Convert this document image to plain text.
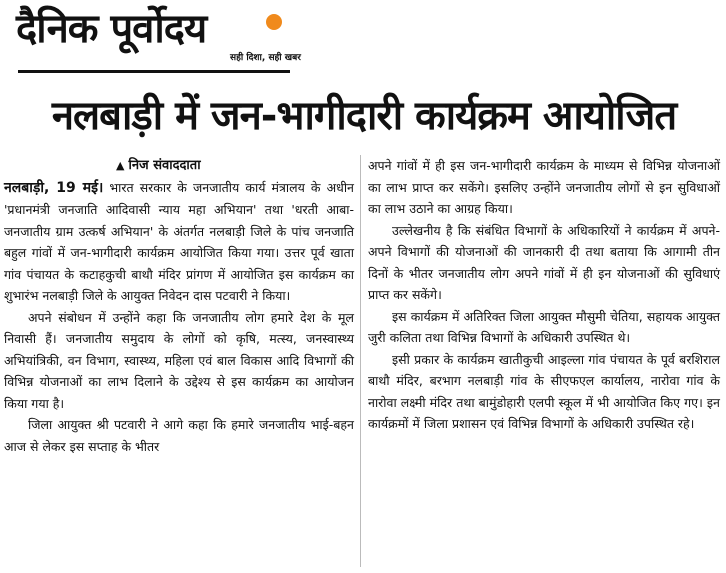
दैनिक पूर्वोदय
सही दिशा, सही खबर
नलबाड़ी में जन-भागीदारी कार्यक्रम आयोजित
▲ निज संवाददाता

नलबाड़ी, 19 मई। भारत सरकार के जनजातीय कार्य मंत्रालय के अधीन 'प्रधानमंत्री जनजाति आदिवासी न्याय महा अभियान' तथा 'धरती आबा-जनजातीय ग्राम उत्कर्ष अभियान' के अंतर्गत नलबाड़ी जिले के पांच जनजाति बहुल गांवों में जन-भागीदारी कार्यक्रम आयोजित किया गया। उत्तर पूर्व खाता गांव पंचायत के कटाहकुची बाथौ मंदिर प्रांगण में आयोजित इस कार्यक्रम का शुभारंभ नलबाड़ी जिले के आयुक्त निवेदन दास पटवारी ने किया।

अपने संबोधन में उन्होंने कहा कि जनजातीय लोग हमारे देश के मूल निवासी हैं। जनजातीय समुदाय के लोगों को कृषि, मत्स्य, जनस्वास्थ्य अभियांत्रिकी, वन विभाग, स्वास्थ्य, महिला एवं बाल विकास आदि विभागों की विभिन्न योजनाओं का लाभ दिलाने के उद्देश्य से इस कार्यक्रम का आयोजन किया गया है।

जिला आयुक्त श्री पटवारी ने आगे कहा कि हमारे जनजातीय भाई-बहन आज से लेकर इस सप्ताह के भीतर

अपने गांवों में ही इस जन-भागीदारी कार्यक्रम के माध्यम से विभिन्न योजनाओं का लाभ प्राप्त कर सकेंगे। इसलिए उन्होंने जनजातीय लोगों से इन सुविधाओं का लाभ उठाने का आग्रह किया।

उल्लेखनीय है कि संबंधित विभागों के अधिकारियों ने कार्यक्रम में अपने-अपने विभागों की योजनाओं की जानकारी दी तथा बताया कि आगामी तीन दिनों के भीतर जनजातीय लोग अपने गांवों में ही इन योजनाओं की सुविधाएं प्राप्त कर सकेंगे।

इस कार्यक्रम में अतिरिक्त जिला आयुक्त मौसुमी चेतिया, सहायक आयुक्त जुरी कलिता तथा विभिन्न विभागों के अधिकारी उपस्थित थे।

इसी प्रकार के कार्यक्रम खातीकुची आइल्ला गांव पंचायत के पूर्व बरशिराल बाथौ मंदिर, बरभाग नलबाड़ी गांव के सीएफएल कार्यालय, नारोवा गांव के नारोवा लक्ष्मी मंदिर तथा बामुंडोहारी एलपी स्कूल में भी आयोजित किए गए। इन कार्यक्रमों में जिला प्रशासन एवं विभिन्न विभागों के अधिकारी उपस्थित रहे।
